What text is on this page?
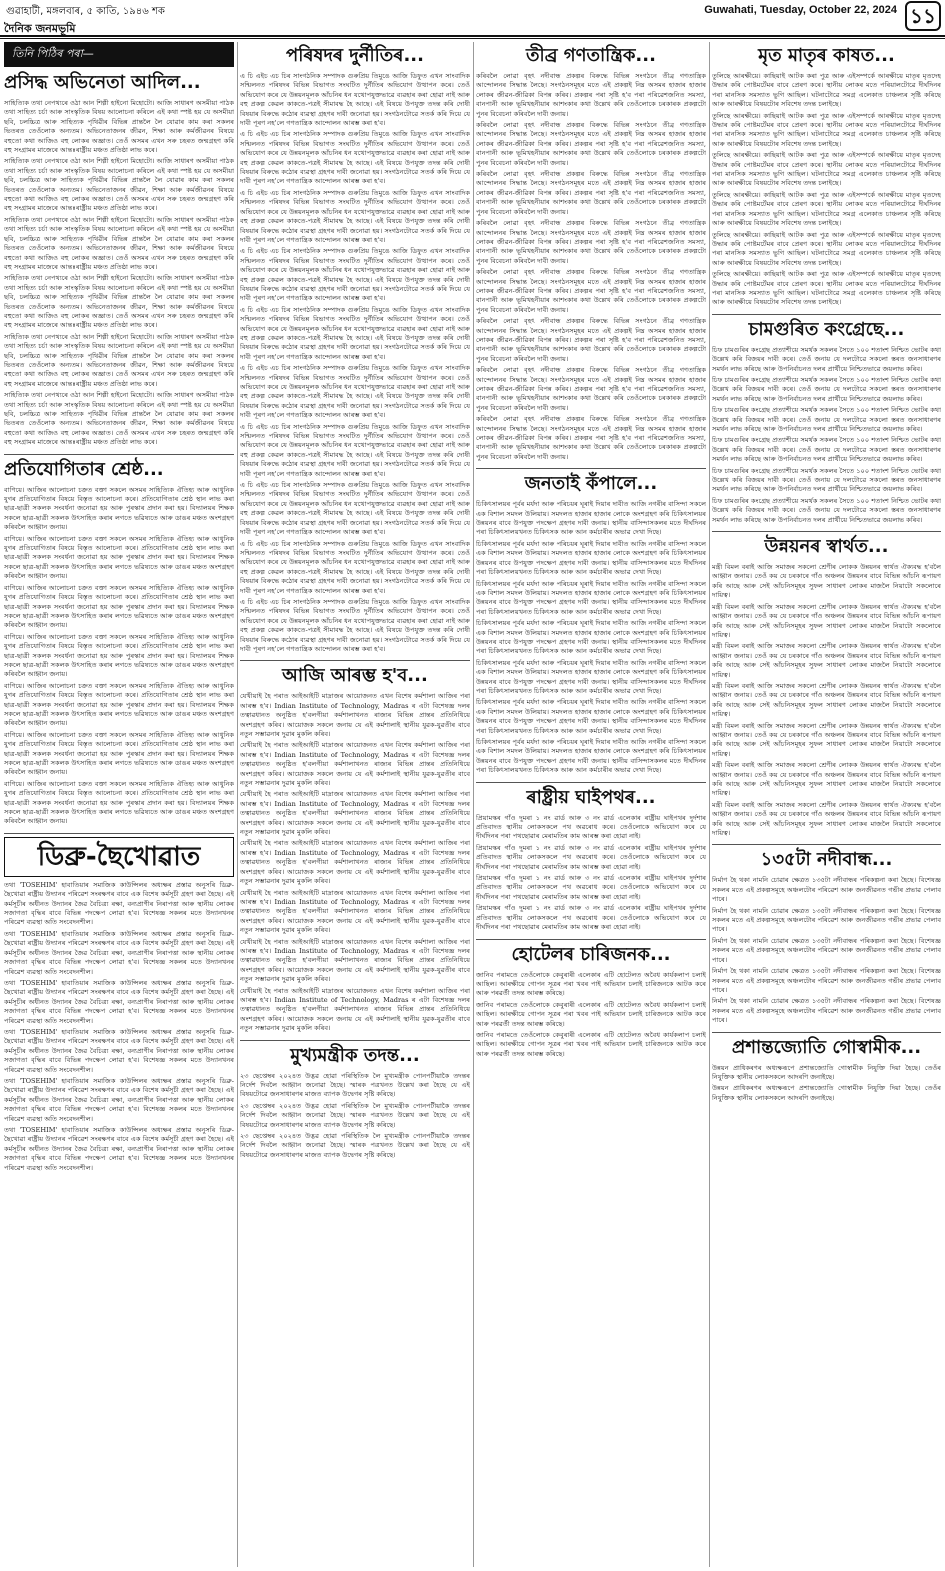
গুৱাহাটী, মঙ্গলবাৰ, ৫ কাতি, ১৯৪৬ শক
দৈনিক জনমভূমি
Guwahati, Tuesday, October 22, 2024 ১১
তিনি পিঠিৰ পৰা—
প্ৰসিদ্ধ অভিনেতা আদিল...

সাহিত্যিক তথা নেপথ্যৰে ওঠা আন শিল্পী হাইনো মিহোটো। আজি সাধাৰণ অসমীয়া পাঠক তথা সাহিত্য চৰ্চা আৰু সাংস্কৃতিক বিষয় আলোচনা কৰিলে এই কথা স্পষ্ট হয় যে অসমীয়া ছবি, চলচ্চিত্ৰ আৰু সাহিত্যক পৃথিৱীৰ বিভিন্ন প্ৰান্তলৈ লৈ যোৱাৰ কাম কৰা সকলৰ ভিতৰত তেওঁলোক অন্যতম। অভিনেতাজনৰ জীৱন, শিক্ষা আৰু কৰ্মজীৱনৰ বিষয়ে বহুতো কথা আজিও বহু লোকৰ অজ্ঞাত। তেওঁ অসমৰ এখন সৰু চহৰত জন্মগ্ৰহণ কৰি বহু সংগ্ৰামৰ মাজেৰে আন্তঃৰাষ্ট্ৰীয় মঞ্চত প্ৰতিষ্ঠা লাভ কৰে।

সাহিত্যিক তথা নেপথ্যৰে ওঠা আন শিল্পী হাইনো মিহোটো। আজি সাধাৰণ অসমীয়া পাঠক তথা সাহিত্য চৰ্চা আৰু সাংস্কৃতিক বিষয় আলোচনা কৰিলে এই কথা স্পষ্ট হয় যে অসমীয়া ছবি, চলচ্চিত্ৰ আৰু সাহিত্যক পৃথিৱীৰ বিভিন্ন প্ৰান্তলৈ লৈ যোৱাৰ কাম কৰা সকলৰ ভিতৰত তেওঁলোক অন্যতম। অভিনেতাজনৰ জীৱন, শিক্ষা আৰু কৰ্মজীৱনৰ বিষয়ে বহুতো কথা আজিও বহু লোকৰ অজ্ঞাত। তেওঁ অসমৰ এখন সৰু চহৰত জন্মগ্ৰহণ কৰি বহু সংগ্ৰামৰ মাজেৰে আন্তঃৰাষ্ট্ৰীয় মঞ্চত প্ৰতিষ্ঠা লাভ কৰে।

সাহিত্যিক তথা নেপথ্যৰে ওঠা আন শিল্পী হাইনো মিহোটো। আজি সাধাৰণ অসমীয়া পাঠক তথা সাহিত্য চৰ্চা আৰু সাংস্কৃতিক বিষয় আলোচনা কৰিলে এই কথা স্পষ্ট হয় যে অসমীয়া ছবি, চলচ্চিত্ৰ আৰু সাহিত্যক পৃথিৱীৰ বিভিন্ন প্ৰান্তলৈ লৈ যোৱাৰ কাম কৰা সকলৰ ভিতৰত তেওঁলোক অন্যতম। অভিনেতাজনৰ জীৱন, শিক্ষা আৰু কৰ্মজীৱনৰ বিষয়ে বহুতো কথা আজিও বহু লোকৰ অজ্ঞাত। তেওঁ অসমৰ এখন সৰু চহৰত জন্মগ্ৰহণ কৰি বহু সংগ্ৰামৰ মাজেৰে আন্তঃৰাষ্ট্ৰীয় মঞ্চত প্ৰতিষ্ঠা লাভ কৰে।

সাহিত্যিক তথা নেপথ্যৰে ওঠা আন শিল্পী হাইনো মিহোটো। আজি সাধাৰণ অসমীয়া পাঠক তথা সাহিত্য চৰ্চা আৰু সাংস্কৃতিক বিষয় আলোচনা কৰিলে এই কথা স্পষ্ট হয় যে অসমীয়া ছবি, চলচ্চিত্ৰ আৰু সাহিত্যক পৃথিৱীৰ বিভিন্ন প্ৰান্তলৈ লৈ যোৱাৰ কাম কৰা সকলৰ ভিতৰত তেওঁলোক অন্যতম। অভিনেতাজনৰ জীৱন, শিক্ষা আৰু কৰ্মজীৱনৰ বিষয়ে বহুতো কথা আজিও বহু লোকৰ অজ্ঞাত। তেওঁ অসমৰ এখন সৰু চহৰত জন্মগ্ৰহণ কৰি বহু সংগ্ৰামৰ মাজেৰে আন্তঃৰাষ্ট্ৰীয় মঞ্চত প্ৰতিষ্ঠা লাভ কৰে।

সাহিত্যিক তথা নেপথ্যৰে ওঠা আন শিল্পী হাইনো মিহোটো। আজি সাধাৰণ অসমীয়া পাঠক তথা সাহিত্য চৰ্চা আৰু সাংস্কৃতিক বিষয় আলোচনা কৰিলে এই কথা স্পষ্ট হয় যে অসমীয়া ছবি, চলচ্চিত্ৰ আৰু সাহিত্যক পৃথিৱীৰ বিভিন্ন প্ৰান্তলৈ লৈ যোৱাৰ কাম কৰা সকলৰ ভিতৰত তেওঁলোক অন্যতম। অভিনেতাজনৰ জীৱন, শিক্ষা আৰু কৰ্মজীৱনৰ বিষয়ে বহুতো কথা আজিও বহু লোকৰ অজ্ঞাত। তেওঁ অসমৰ এখন সৰু চহৰত জন্মগ্ৰহণ কৰি বহু সংগ্ৰামৰ মাজেৰে আন্তঃৰাষ্ট্ৰীয় মঞ্চত প্ৰতিষ্ঠা লাভ কৰে।

সাহিত্যিক তথা নেপথ্যৰে ওঠা আন শিল্পী হাইনো মিহোটো। আজি সাধাৰণ অসমীয়া পাঠক তথা সাহিত্য চৰ্চা আৰু সাংস্কৃতিক বিষয় আলোচনা কৰিলে এই কথা স্পষ্ট হয় যে অসমীয়া ছবি, চলচ্চিত্ৰ আৰু সাহিত্যক পৃথিৱীৰ বিভিন্ন প্ৰান্তলৈ লৈ যোৱাৰ কাম কৰা সকলৰ ভিতৰত তেওঁলোক অন্যতম। অভিনেতাজনৰ জীৱন, শিক্ষা আৰু কৰ্মজীৱনৰ বিষয়ে বহুতো কথা আজিও বহু লোকৰ অজ্ঞাত। তেওঁ অসমৰ এখন সৰু চহৰত জন্মগ্ৰহণ কৰি বহু সংগ্ৰামৰ মাজেৰে আন্তঃৰাষ্ট্ৰীয় মঞ্চত প্ৰতিষ্ঠা লাভ কৰে।

প্ৰতিযোগিতাৰ শ্ৰেষ্ঠ...

বাণিয়ে। আজিৰ আলোচনা চক্ৰত বক্তা সকলে অসমৰ সাহিত্যিক ঐতিহ্য আৰু আধুনিক যুগৰ প্ৰতিযোগিতাৰ বিষয়ে বিস্তৃত আলোচনা কৰে। প্ৰতিযোগিতাৰ শ্ৰেষ্ঠ স্থান লাভ কৰা ছাত্ৰ-ছাত্ৰী সকলক সংবৰ্ধনা জনোৱা হয় আৰু পুৰস্কাৰ প্ৰদান কৰা হয়। বিদ্যালয়ৰ শিক্ষক সকলে ছাত্ৰ-ছাত্ৰী সকলক উৎসাহিত কৰাৰ লগতে ভৱিষ্যতে আৰু ডাঙৰ মঞ্চত অংশগ্ৰহণ কৰিবলৈ আহ্বান জনায়।

বাণিয়ে। আজিৰ আলোচনা চক্ৰত বক্তা সকলে অসমৰ সাহিত্যিক ঐতিহ্য আৰু আধুনিক যুগৰ প্ৰতিযোগিতাৰ বিষয়ে বিস্তৃত আলোচনা কৰে। প্ৰতিযোগিতাৰ শ্ৰেষ্ঠ স্থান লাভ কৰা ছাত্ৰ-ছাত্ৰী সকলক সংবৰ্ধনা জনোৱা হয় আৰু পুৰস্কাৰ প্ৰদান কৰা হয়। বিদ্যালয়ৰ শিক্ষক সকলে ছাত্ৰ-ছাত্ৰী সকলক উৎসাহিত কৰাৰ লগতে ভৱিষ্যতে আৰু ডাঙৰ মঞ্চত অংশগ্ৰহণ কৰিবলৈ আহ্বান জনায়।

বাণিয়ে। আজিৰ আলোচনা চক্ৰত বক্তা সকলে অসমৰ সাহিত্যিক ঐতিহ্য আৰু আধুনিক যুগৰ প্ৰতিযোগিতাৰ বিষয়ে বিস্তৃত আলোচনা কৰে। প্ৰতিযোগিতাৰ শ্ৰেষ্ঠ স্থান লাভ কৰা ছাত্ৰ-ছাত্ৰী সকলক সংবৰ্ধনা জনোৱা হয় আৰু পুৰস্কাৰ প্ৰদান কৰা হয়। বিদ্যালয়ৰ শিক্ষক সকলে ছাত্ৰ-ছাত্ৰী সকলক উৎসাহিত কৰাৰ লগতে ভৱিষ্যতে আৰু ডাঙৰ মঞ্চত অংশগ্ৰহণ কৰিবলৈ আহ্বান জনায়।

বাণিয়ে। আজিৰ আলোচনা চক্ৰত বক্তা সকলে অসমৰ সাহিত্যিক ঐতিহ্য আৰু আধুনিক যুগৰ প্ৰতিযোগিতাৰ বিষয়ে বিস্তৃত আলোচনা কৰে। প্ৰতিযোগিতাৰ শ্ৰেষ্ঠ স্থান লাভ কৰা ছাত্ৰ-ছাত্ৰী সকলক সংবৰ্ধনা জনোৱা হয় আৰু পুৰস্কাৰ প্ৰদান কৰা হয়। বিদ্যালয়ৰ শিক্ষক সকলে ছাত্ৰ-ছাত্ৰী সকলক উৎসাহিত কৰাৰ লগতে ভৱিষ্যতে আৰু ডাঙৰ মঞ্চত অংশগ্ৰহণ কৰিবলৈ আহ্বান জনায়।

বাণিয়ে। আজিৰ আলোচনা চক্ৰত বক্তা সকলে অসমৰ সাহিত্যিক ঐতিহ্য আৰু আধুনিক যুগৰ প্ৰতিযোগিতাৰ বিষয়ে বিস্তৃত আলোচনা কৰে। প্ৰতিযোগিতাৰ শ্ৰেষ্ঠ স্থান লাভ কৰা ছাত্ৰ-ছাত্ৰী সকলক সংবৰ্ধনা জনোৱা হয় আৰু পুৰস্কাৰ প্ৰদান কৰা হয়। বিদ্যালয়ৰ শিক্ষক সকলে ছাত্ৰ-ছাত্ৰী সকলক উৎসাহিত কৰাৰ লগতে ভৱিষ্যতে আৰু ডাঙৰ মঞ্চত অংশগ্ৰহণ কৰিবলৈ আহ্বান জনায়।

বাণিয়ে। আজিৰ আলোচনা চক্ৰত বক্তা সকলে অসমৰ সাহিত্যিক ঐতিহ্য আৰু আধুনিক যুগৰ প্ৰতিযোগিতাৰ বিষয়ে বিস্তৃত আলোচনা কৰে। প্ৰতিযোগিতাৰ শ্ৰেষ্ঠ স্থান লাভ কৰা ছাত্ৰ-ছাত্ৰী সকলক সংবৰ্ধনা জনোৱা হয় আৰু পুৰস্কাৰ প্ৰদান কৰা হয়। বিদ্যালয়ৰ শিক্ষক সকলে ছাত্ৰ-ছাত্ৰী সকলক উৎসাহিত কৰাৰ লগতে ভৱিষ্যতে আৰু ডাঙৰ মঞ্চত অংশগ্ৰহণ কৰিবলৈ আহ্বান জনায়।

বাণিয়ে। আজিৰ আলোচনা চক্ৰত বক্তা সকলে অসমৰ সাহিত্যিক ঐতিহ্য আৰু আধুনিক যুগৰ প্ৰতিযোগিতাৰ বিষয়ে বিস্তৃত আলোচনা কৰে। প্ৰতিযোগিতাৰ শ্ৰেষ্ঠ স্থান লাভ কৰা ছাত্ৰ-ছাত্ৰী সকলক সংবৰ্ধনা জনোৱা হয় আৰু পুৰস্কাৰ প্ৰদান কৰা হয়। বিদ্যালয়ৰ শিক্ষক সকলে ছাত্ৰ-ছাত্ৰী সকলক উৎসাহিত কৰাৰ লগতে ভৱিষ্যতে আৰু ডাঙৰ মঞ্চত অংশগ্ৰহণ কৰিবলৈ আহ্বান জনায়।

ডিব্ৰু-ছৈখোৱাত

তথা 'TOSEHIM' হাবাতিয়াৰ সমাজিক কাউন্সিলৰ অধ্যক্ষৰ প্ৰস্তাৱ অনুসৰি ডিব্ৰু-ছৈখোৱা ৰাষ্ট্ৰীয় উদ্যানৰ পৰিৱেশ সংৰক্ষণৰ বাবে এক বিশেষ কৰ্মসূচী গ্ৰহণ কৰা হৈছে। এই কৰ্মসূচীৰ অধীনত উদ্যানৰ জৈৱ বৈচিত্ৰ্য ৰক্ষা, বন্যপ্ৰাণীৰ নিৰাপত্তা আৰু স্থানীয় লোকৰ সজাগতা বৃদ্ধিৰ বাবে বিভিন্ন পদক্ষেপ লোৱা হ'ব। বিশেষজ্ঞ সকলৰ মতে উদ্যানখনৰ পৰিৱেশ ব্যৱস্থা অতি সংবেদনশীল।

তথা 'TOSEHIM' হাবাতিয়াৰ সমাজিক কাউন্সিলৰ অধ্যক্ষৰ প্ৰস্তাৱ অনুসৰি ডিব্ৰু-ছৈখোৱা ৰাষ্ট্ৰীয় উদ্যানৰ পৰিৱেশ সংৰক্ষণৰ বাবে এক বিশেষ কৰ্মসূচী গ্ৰহণ কৰা হৈছে। এই কৰ্মসূচীৰ অধীনত উদ্যানৰ জৈৱ বৈচিত্ৰ্য ৰক্ষা, বন্যপ্ৰাণীৰ নিৰাপত্তা আৰু স্থানীয় লোকৰ সজাগতা বৃদ্ধিৰ বাবে বিভিন্ন পদক্ষেপ লোৱা হ'ব। বিশেষজ্ঞ সকলৰ মতে উদ্যানখনৰ পৰিৱেশ ব্যৱস্থা অতি সংবেদনশীল।

তথা 'TOSEHIM' হাবাতিয়াৰ সমাজিক কাউন্সিলৰ অধ্যক্ষৰ প্ৰস্তাৱ অনুসৰি ডিব্ৰু-ছৈখোৱা ৰাষ্ট্ৰীয় উদ্যানৰ পৰিৱেশ সংৰক্ষণৰ বাবে এক বিশেষ কৰ্মসূচী গ্ৰহণ কৰা হৈছে। এই কৰ্মসূচীৰ অধীনত উদ্যানৰ জৈৱ বৈচিত্ৰ্য ৰক্ষা, বন্যপ্ৰাণীৰ নিৰাপত্তা আৰু স্থানীয় লোকৰ সজাগতা বৃদ্ধিৰ বাবে বিভিন্ন পদক্ষেপ লোৱা হ'ব। বিশেষজ্ঞ সকলৰ মতে উদ্যানখনৰ পৰিৱেশ ব্যৱস্থা অতি সংবেদনশীল।

তথা 'TOSEHIM' হাবাতিয়াৰ সমাজিক কাউন্সিলৰ অধ্যক্ষৰ প্ৰস্তাৱ অনুসৰি ডিব্ৰু-ছৈখোৱা ৰাষ্ট্ৰীয় উদ্যানৰ পৰিৱেশ সংৰক্ষণৰ বাবে এক বিশেষ কৰ্মসূচী গ্ৰহণ কৰা হৈছে। এই কৰ্মসূচীৰ অধীনত উদ্যানৰ জৈৱ বৈচিত্ৰ্য ৰক্ষা, বন্যপ্ৰাণীৰ নিৰাপত্তা আৰু স্থানীয় লোকৰ সজাগতা বৃদ্ধিৰ বাবে বিভিন্ন পদক্ষেপ লোৱা হ'ব। বিশেষজ্ঞ সকলৰ মতে উদ্যানখনৰ পৰিৱেশ ব্যৱস্থা অতি সংবেদনশীল।

তথা 'TOSEHIM' হাবাতিয়াৰ সমাজিক কাউন্সিলৰ অধ্যক্ষৰ প্ৰস্তাৱ অনুসৰি ডিব্ৰু-ছৈখোৱা ৰাষ্ট্ৰীয় উদ্যানৰ পৰিৱেশ সংৰক্ষণৰ বাবে এক বিশেষ কৰ্মসূচী গ্ৰহণ কৰা হৈছে। এই কৰ্মসূচীৰ অধীনত উদ্যানৰ জৈৱ বৈচিত্ৰ্য ৰক্ষা, বন্যপ্ৰাণীৰ নিৰাপত্তা আৰু স্থানীয় লোকৰ সজাগতা বৃদ্ধিৰ বাবে বিভিন্ন পদক্ষেপ লোৱা হ'ব। বিশেষজ্ঞ সকলৰ মতে উদ্যানখনৰ পৰিৱেশ ব্যৱস্থা অতি সংবেদনশীল।

তথা 'TOSEHIM' হাবাতিয়াৰ সমাজিক কাউন্সিলৰ অধ্যক্ষৰ প্ৰস্তাৱ অনুসৰি ডিব্ৰু-ছৈখোৱা ৰাষ্ট্ৰীয় উদ্যানৰ পৰিৱেশ সংৰক্ষণৰ বাবে এক বিশেষ কৰ্মসূচী গ্ৰহণ কৰা হৈছে। এই কৰ্মসূচীৰ অধীনত উদ্যানৰ জৈৱ বৈচিত্ৰ্য ৰক্ষা, বন্যপ্ৰাণীৰ নিৰাপত্তা আৰু স্থানীয় লোকৰ সজাগতা বৃদ্ধিৰ বাবে বিভিন্ন পদক্ষেপ লোৱা হ'ব। বিশেষজ্ঞ সকলৰ মতে উদ্যানখনৰ পৰিৱেশ ব্যৱস্থা অতি সংবেদনশীল।

পৰিষদৰ দুৰ্নীতিৰ...

এ চি এইচ এচ চিৰ সাংগঠনিক সম্পাদক গুৰুপ্ৰিয় তিমুঙে আজি ডিফুত এখন সাংবাদিক সন্মিলনত পৰিষদৰ বিভিন্ন বিভাগত সংঘটিত দুৰ্নীতিৰ অভিযোগ উত্থাপন কৰে। তেওঁ অভিযোগ কৰে যে উন্নয়নমূলক আঁচনিৰ ধন যথোপযুক্তভাৱে ব্যৱহাৰ কৰা হোৱা নাই আৰু বহু প্ৰকল্প কেৱল কাকতে-পত্ৰই সীমাবদ্ধ হৈ আছে। এই বিষয়ে উপযুক্ত তদন্ত কৰি দোষী বিষয়াৰ বিৰুদ্ধে কঠোৰ ব্যৱস্থা গ্ৰহণৰ দাবী জনোৱা হয়। সংগঠনটোৱে সতৰ্ক কৰি দিয়ে যে দাবী পূৰণ নহ'লে গণতান্ত্ৰিক আন্দোলন আৰম্ভ কৰা হ'ব।

এ চি এইচ এচ চিৰ সাংগঠনিক সম্পাদক গুৰুপ্ৰিয় তিমুঙে আজি ডিফুত এখন সাংবাদিক সন্মিলনত পৰিষদৰ বিভিন্ন বিভাগত সংঘটিত দুৰ্নীতিৰ অভিযোগ উত্থাপন কৰে। তেওঁ অভিযোগ কৰে যে উন্নয়নমূলক আঁচনিৰ ধন যথোপযুক্তভাৱে ব্যৱহাৰ কৰা হোৱা নাই আৰু বহু প্ৰকল্প কেৱল কাকতে-পত্ৰই সীমাবদ্ধ হৈ আছে। এই বিষয়ে উপযুক্ত তদন্ত কৰি দোষী বিষয়াৰ বিৰুদ্ধে কঠোৰ ব্যৱস্থা গ্ৰহণৰ দাবী জনোৱা হয়। সংগঠনটোৱে সতৰ্ক কৰি দিয়ে যে দাবী পূৰণ নহ'লে গণতান্ত্ৰিক আন্দোলন আৰম্ভ কৰা হ'ব।

এ চি এইচ এচ চিৰ সাংগঠনিক সম্পাদক গুৰুপ্ৰিয় তিমুঙে আজি ডিফুত এখন সাংবাদিক সন্মিলনত পৰিষদৰ বিভিন্ন বিভাগত সংঘটিত দুৰ্নীতিৰ অভিযোগ উত্থাপন কৰে। তেওঁ অভিযোগ কৰে যে উন্নয়নমূলক আঁচনিৰ ধন যথোপযুক্তভাৱে ব্যৱহাৰ কৰা হোৱা নাই আৰু বহু প্ৰকল্প কেৱল কাকতে-পত্ৰই সীমাবদ্ধ হৈ আছে। এই বিষয়ে উপযুক্ত তদন্ত কৰি দোষী বিষয়াৰ বিৰুদ্ধে কঠোৰ ব্যৱস্থা গ্ৰহণৰ দাবী জনোৱা হয়। সংগঠনটোৱে সতৰ্ক কৰি দিয়ে যে দাবী পূৰণ নহ'লে গণতান্ত্ৰিক আন্দোলন আৰম্ভ কৰা হ'ব।

এ চি এইচ এচ চিৰ সাংগঠনিক সম্পাদক গুৰুপ্ৰিয় তিমুঙে আজি ডিফুত এখন সাংবাদিক সন্মিলনত পৰিষদৰ বিভিন্ন বিভাগত সংঘটিত দুৰ্নীতিৰ অভিযোগ উত্থাপন কৰে। তেওঁ অভিযোগ কৰে যে উন্নয়নমূলক আঁচনিৰ ধন যথোপযুক্তভাৱে ব্যৱহাৰ কৰা হোৱা নাই আৰু বহু প্ৰকল্প কেৱল কাকতে-পত্ৰই সীমাবদ্ধ হৈ আছে। এই বিষয়ে উপযুক্ত তদন্ত কৰি দোষী বিষয়াৰ বিৰুদ্ধে কঠোৰ ব্যৱস্থা গ্ৰহণৰ দাবী জনোৱা হয়। সংগঠনটোৱে সতৰ্ক কৰি দিয়ে যে দাবী পূৰণ নহ'লে গণতান্ত্ৰিক আন্দোলন আৰম্ভ কৰা হ'ব।

এ চি এইচ এচ চিৰ সাংগঠনিক সম্পাদক গুৰুপ্ৰিয় তিমুঙে আজি ডিফুত এখন সাংবাদিক সন্মিলনত পৰিষদৰ বিভিন্ন বিভাগত সংঘটিত দুৰ্নীতিৰ অভিযোগ উত্থাপন কৰে। তেওঁ অভিযোগ কৰে যে উন্নয়নমূলক আঁচনিৰ ধন যথোপযুক্তভাৱে ব্যৱহাৰ কৰা হোৱা নাই আৰু বহু প্ৰকল্প কেৱল কাকতে-পত্ৰই সীমাবদ্ধ হৈ আছে। এই বিষয়ে উপযুক্ত তদন্ত কৰি দোষী বিষয়াৰ বিৰুদ্ধে কঠোৰ ব্যৱস্থা গ্ৰহণৰ দাবী জনোৱা হয়। সংগঠনটোৱে সতৰ্ক কৰি দিয়ে যে দাবী পূৰণ নহ'লে গণতান্ত্ৰিক আন্দোলন আৰম্ভ কৰা হ'ব।

এ চি এইচ এচ চিৰ সাংগঠনিক সম্পাদক গুৰুপ্ৰিয় তিমুঙে আজি ডিফুত এখন সাংবাদিক সন্মিলনত পৰিষদৰ বিভিন্ন বিভাগত সংঘটিত দুৰ্নীতিৰ অভিযোগ উত্থাপন কৰে। তেওঁ অভিযোগ কৰে যে উন্নয়নমূলক আঁচনিৰ ধন যথোপযুক্তভাৱে ব্যৱহাৰ কৰা হোৱা নাই আৰু বহু প্ৰকল্প কেৱল কাকতে-পত্ৰই সীমাবদ্ধ হৈ আছে। এই বিষয়ে উপযুক্ত তদন্ত কৰি দোষী বিষয়াৰ বিৰুদ্ধে কঠোৰ ব্যৱস্থা গ্ৰহণৰ দাবী জনোৱা হয়। সংগঠনটোৱে সতৰ্ক কৰি দিয়ে যে দাবী পূৰণ নহ'লে গণতান্ত্ৰিক আন্দোলন আৰম্ভ কৰা হ'ব।

এ চি এইচ এচ চিৰ সাংগঠনিক সম্পাদক গুৰুপ্ৰিয় তিমুঙে আজি ডিফুত এখন সাংবাদিক সন্মিলনত পৰিষদৰ বিভিন্ন বিভাগত সংঘটিত দুৰ্নীতিৰ অভিযোগ উত্থাপন কৰে। তেওঁ অভিযোগ কৰে যে উন্নয়নমূলক আঁচনিৰ ধন যথোপযুক্তভাৱে ব্যৱহাৰ কৰা হোৱা নাই আৰু বহু প্ৰকল্প কেৱল কাকতে-পত্ৰই সীমাবদ্ধ হৈ আছে। এই বিষয়ে উপযুক্ত তদন্ত কৰি দোষী বিষয়াৰ বিৰুদ্ধে কঠোৰ ব্যৱস্থা গ্ৰহণৰ দাবী জনোৱা হয়। সংগঠনটোৱে সতৰ্ক কৰি দিয়ে যে দাবী পূৰণ নহ'লে গণতান্ত্ৰিক আন্দোলন আৰম্ভ কৰা হ'ব।

এ চি এইচ এচ চিৰ সাংগঠনিক সম্পাদক গুৰুপ্ৰিয় তিমুঙে আজি ডিফুত এখন সাংবাদিক সন্মিলনত পৰিষদৰ বিভিন্ন বিভাগত সংঘটিত দুৰ্নীতিৰ অভিযোগ উত্থাপন কৰে। তেওঁ অভিযোগ কৰে যে উন্নয়নমূলক আঁচনিৰ ধন যথোপযুক্তভাৱে ব্যৱহাৰ কৰা হোৱা নাই আৰু বহু প্ৰকল্প কেৱল কাকতে-পত্ৰই সীমাবদ্ধ হৈ আছে। এই বিষয়ে উপযুক্ত তদন্ত কৰি দোষী বিষয়াৰ বিৰুদ্ধে কঠোৰ ব্যৱস্থা গ্ৰহণৰ দাবী জনোৱা হয়। সংগঠনটোৱে সতৰ্ক কৰি দিয়ে যে দাবী পূৰণ নহ'লে গণতান্ত্ৰিক আন্দোলন আৰম্ভ কৰা হ'ব।

এ চি এইচ এচ চিৰ সাংগঠনিক সম্পাদক গুৰুপ্ৰিয় তিমুঙে আজি ডিফুত এখন সাংবাদিক সন্মিলনত পৰিষদৰ বিভিন্ন বিভাগত সংঘটিত দুৰ্নীতিৰ অভিযোগ উত্থাপন কৰে। তেওঁ অভিযোগ কৰে যে উন্নয়নমূলক আঁচনিৰ ধন যথোপযুক্তভাৱে ব্যৱহাৰ কৰা হোৱা নাই আৰু বহু প্ৰকল্প কেৱল কাকতে-পত্ৰই সীমাবদ্ধ হৈ আছে। এই বিষয়ে উপযুক্ত তদন্ত কৰি দোষী বিষয়াৰ বিৰুদ্ধে কঠোৰ ব্যৱস্থা গ্ৰহণৰ দাবী জনোৱা হয়। সংগঠনটোৱে সতৰ্ক কৰি দিয়ে যে দাবী পূৰণ নহ'লে গণতান্ত্ৰিক আন্দোলন আৰম্ভ কৰা হ'ব।

এ চি এইচ এচ চিৰ সাংগঠনিক সম্পাদক গুৰুপ্ৰিয় তিমুঙে আজি ডিফুত এখন সাংবাদিক সন্মিলনত পৰিষদৰ বিভিন্ন বিভাগত সংঘটিত দুৰ্নীতিৰ অভিযোগ উত্থাপন কৰে। তেওঁ অভিযোগ কৰে যে উন্নয়নমূলক আঁচনিৰ ধন যথোপযুক্তভাৱে ব্যৱহাৰ কৰা হোৱা নাই আৰু বহু প্ৰকল্প কেৱল কাকতে-পত্ৰই সীমাবদ্ধ হৈ আছে। এই বিষয়ে উপযুক্ত তদন্ত কৰি দোষী বিষয়াৰ বিৰুদ্ধে কঠোৰ ব্যৱস্থা গ্ৰহণৰ দাবী জনোৱা হয়। সংগঠনটোৱে সতৰ্ক কৰি দিয়ে যে দাবী পূৰণ নহ'লে গণতান্ত্ৰিক আন্দোলন আৰম্ভ কৰা হ'ব।

আজি আৰম্ভ হ'ব...

যেখীয়াই হৈ পৰাত আইআইটি মাদ্ৰাজৰ আয়োজনত এখন বিশেষ কৰ্মশালা আজিৰ পৰা আৰম্ভ হ'ব। Indian Institute of Technology, Madras ৰ এটা বিশেষজ্ঞ দলৰ তত্বাৱধানত অনুষ্ঠিত হ'বলগীয়া কৰ্মশালাখনত ৰাজ্যৰ বিভিন্ন প্ৰান্তৰ প্ৰতিনিধিয়ে অংশগ্ৰহণ কৰিব। আয়োজক সকলে জনায় যে এই কৰ্মশালাই স্থানীয় যুৱক-যুৱতীৰ বাবে নতুন সম্ভাৱনাৰ দুৱাৰ মুকলি কৰিব।

যেখীয়াই হৈ পৰাত আইআইটি মাদ্ৰাজৰ আয়োজনত এখন বিশেষ কৰ্মশালা আজিৰ পৰা আৰম্ভ হ'ব। Indian Institute of Technology, Madras ৰ এটা বিশেষজ্ঞ দলৰ তত্বাৱধানত অনুষ্ঠিত হ'বলগীয়া কৰ্মশালাখনত ৰাজ্যৰ বিভিন্ন প্ৰান্তৰ প্ৰতিনিধিয়ে অংশগ্ৰহণ কৰিব। আয়োজক সকলে জনায় যে এই কৰ্মশালাই স্থানীয় যুৱক-যুৱতীৰ বাবে নতুন সম্ভাৱনাৰ দুৱাৰ মুকলি কৰিব।

যেখীয়াই হৈ পৰাত আইআইটি মাদ্ৰাজৰ আয়োজনত এখন বিশেষ কৰ্মশালা আজিৰ পৰা আৰম্ভ হ'ব। Indian Institute of Technology, Madras ৰ এটা বিশেষজ্ঞ দলৰ তত্বাৱধানত অনুষ্ঠিত হ'বলগীয়া কৰ্মশালাখনত ৰাজ্যৰ বিভিন্ন প্ৰান্তৰ প্ৰতিনিধিয়ে অংশগ্ৰহণ কৰিব। আয়োজক সকলে জনায় যে এই কৰ্মশালাই স্থানীয় যুৱক-যুৱতীৰ বাবে নতুন সম্ভাৱনাৰ দুৱাৰ মুকলি কৰিব।

যেখীয়াই হৈ পৰাত আইআইটি মাদ্ৰাজৰ আয়োজনত এখন বিশেষ কৰ্মশালা আজিৰ পৰা আৰম্ভ হ'ব। Indian Institute of Technology, Madras ৰ এটা বিশেষজ্ঞ দলৰ তত্বাৱধানত অনুষ্ঠিত হ'বলগীয়া কৰ্মশালাখনত ৰাজ্যৰ বিভিন্ন প্ৰান্তৰ প্ৰতিনিধিয়ে অংশগ্ৰহণ কৰিব। আয়োজক সকলে জনায় যে এই কৰ্মশালাই স্থানীয় যুৱক-যুৱতীৰ বাবে নতুন সম্ভাৱনাৰ দুৱাৰ মুকলি কৰিব।

যেখীয়াই হৈ পৰাত আইআইটি মাদ্ৰাজৰ আয়োজনত এখন বিশেষ কৰ্মশালা আজিৰ পৰা আৰম্ভ হ'ব। Indian Institute of Technology, Madras ৰ এটা বিশেষজ্ঞ দলৰ তত্বাৱধানত অনুষ্ঠিত হ'বলগীয়া কৰ্মশালাখনত ৰাজ্যৰ বিভিন্ন প্ৰান্তৰ প্ৰতিনিধিয়ে অংশগ্ৰহণ কৰিব। আয়োজক সকলে জনায় যে এই কৰ্মশালাই স্থানীয় যুৱক-যুৱতীৰ বাবে নতুন সম্ভাৱনাৰ দুৱাৰ মুকলি কৰিব।

যেখীয়াই হৈ পৰাত আইআইটি মাদ্ৰাজৰ আয়োজনত এখন বিশেষ কৰ্মশালা আজিৰ পৰা আৰম্ভ হ'ব। Indian Institute of Technology, Madras ৰ এটা বিশেষজ্ঞ দলৰ তত্বাৱধানত অনুষ্ঠিত হ'বলগীয়া কৰ্মশালাখনত ৰাজ্যৰ বিভিন্ন প্ৰান্তৰ প্ৰতিনিধিয়ে অংশগ্ৰহণ কৰিব। আয়োজক সকলে জনায় যে এই কৰ্মশালাই স্থানীয় যুৱক-যুৱতীৰ বাবে নতুন সম্ভাৱনাৰ দুৱাৰ মুকলি কৰিব।

যেখীয়াই হৈ পৰাত আইআইটি মাদ্ৰাজৰ আয়োজনত এখন বিশেষ কৰ্মশালা আজিৰ পৰা আৰম্ভ হ'ব। Indian Institute of Technology, Madras ৰ এটা বিশেষজ্ঞ দলৰ তত্বাৱধানত অনুষ্ঠিত হ'বলগীয়া কৰ্মশালাখনত ৰাজ্যৰ বিভিন্ন প্ৰান্তৰ প্ৰতিনিধিয়ে অংশগ্ৰহণ কৰিব। আয়োজক সকলে জনায় যে এই কৰ্মশালাই স্থানীয় যুৱক-যুৱতীৰ বাবে নতুন সম্ভাৱনাৰ দুৱাৰ মুকলি কৰিব।

মুখ্যমন্ত্ৰীক তদন্ত...

২৩ ছেপ্তেম্বৰ ২০২৪ত উদ্ভৱ হোৱা পৰিস্থিতিক লৈ মুখ্যমন্ত্ৰীক পোনপটীয়াকৈ তদন্তৰ নিৰ্দেশ দিবলৈ আহ্বান জনোৱা হৈছে। স্মাৰক পত্ৰখনত উল্লেখ কৰা হৈছে যে এই বিষয়টোৱে জনসাধাৰণৰ মাজত ব্যাপক উদ্বেগৰ সৃষ্টি কৰিছে।

২৩ ছেপ্তেম্বৰ ২০২৪ত উদ্ভৱ হোৱা পৰিস্থিতিক লৈ মুখ্যমন্ত্ৰীক পোনপটীয়াকৈ তদন্তৰ নিৰ্দেশ দিবলৈ আহ্বান জনোৱা হৈছে। স্মাৰক পত্ৰখনত উল্লেখ কৰা হৈছে যে এই বিষয়টোৱে জনসাধাৰণৰ মাজত ব্যাপক উদ্বেগৰ সৃষ্টি কৰিছে।

২৩ ছেপ্তেম্বৰ ২০২৪ত উদ্ভৱ হোৱা পৰিস্থিতিক লৈ মুখ্যমন্ত্ৰীক পোনপটীয়াকৈ তদন্তৰ নিৰ্দেশ দিবলৈ আহ্বান জনোৱা হৈছে। স্মাৰক পত্ৰখনত উল্লেখ কৰা হৈছে যে এই বিষয়টোৱে জনসাধাৰণৰ মাজত ব্যাপক উদ্বেগৰ সৃষ্টি কৰিছে।

তীব্ৰ গণতান্ত্ৰিক...

কৰিবলৈ লোৱা বৃহৎ নদীবান্ধ প্ৰকল্পৰ বিৰুদ্ধে বিভিন্ন সংগঠনে তীব্ৰ গণতান্ত্ৰিক আন্দোলনৰ সিদ্ধান্ত লৈছে। সংগঠনসমূহৰ মতে এই প্ৰকল্পই নিম্ন অসমৰ হাজাৰ হাজাৰ লোকৰ জীৱন-জীৱিকা বিপন্ন কৰিব। প্ৰকল্পৰ পৰা সৃষ্টি হ'ব পৰা পৰিৱেশজনিত সমস্যা, বানপানী আৰু ভূমিখহনীয়াৰ আশংকাৰ কথা উল্লেখ কৰি তেওঁলোকে চৰকাৰক প্ৰকল্পটো পুনৰ বিবেচনা কৰিবলৈ দাবী জনায়।

কৰিবলৈ লোৱা বৃহৎ নদীবান্ধ প্ৰকল্পৰ বিৰুদ্ধে বিভিন্ন সংগঠনে তীব্ৰ গণতান্ত্ৰিক আন্দোলনৰ সিদ্ধান্ত লৈছে। সংগঠনসমূহৰ মতে এই প্ৰকল্পই নিম্ন অসমৰ হাজাৰ হাজাৰ লোকৰ জীৱন-জীৱিকা বিপন্ন কৰিব। প্ৰকল্পৰ পৰা সৃষ্টি হ'ব পৰা পৰিৱেশজনিত সমস্যা, বানপানী আৰু ভূমিখহনীয়াৰ আশংকাৰ কথা উল্লেখ কৰি তেওঁলোকে চৰকাৰক প্ৰকল্পটো পুনৰ বিবেচনা কৰিবলৈ দাবী জনায়।

কৰিবলৈ লোৱা বৃহৎ নদীবান্ধ প্ৰকল্পৰ বিৰুদ্ধে বিভিন্ন সংগঠনে তীব্ৰ গণতান্ত্ৰিক আন্দোলনৰ সিদ্ধান্ত লৈছে। সংগঠনসমূহৰ মতে এই প্ৰকল্পই নিম্ন অসমৰ হাজাৰ হাজাৰ লোকৰ জীৱন-জীৱিকা বিপন্ন কৰিব। প্ৰকল্পৰ পৰা সৃষ্টি হ'ব পৰা পৰিৱেশজনিত সমস্যা, বানপানী আৰু ভূমিখহনীয়াৰ আশংকাৰ কথা উল্লেখ কৰি তেওঁলোকে চৰকাৰক প্ৰকল্পটো পুনৰ বিবেচনা কৰিবলৈ দাবী জনায়।

কৰিবলৈ লোৱা বৃহৎ নদীবান্ধ প্ৰকল্পৰ বিৰুদ্ধে বিভিন্ন সংগঠনে তীব্ৰ গণতান্ত্ৰিক আন্দোলনৰ সিদ্ধান্ত লৈছে। সংগঠনসমূহৰ মতে এই প্ৰকল্পই নিম্ন অসমৰ হাজাৰ হাজাৰ লোকৰ জীৱন-জীৱিকা বিপন্ন কৰিব। প্ৰকল্পৰ পৰা সৃষ্টি হ'ব পৰা পৰিৱেশজনিত সমস্যা, বানপানী আৰু ভূমিখহনীয়াৰ আশংকাৰ কথা উল্লেখ কৰি তেওঁলোকে চৰকাৰক প্ৰকল্পটো পুনৰ বিবেচনা কৰিবলৈ দাবী জনায়।

কৰিবলৈ লোৱা বৃহৎ নদীবান্ধ প্ৰকল্পৰ বিৰুদ্ধে বিভিন্ন সংগঠনে তীব্ৰ গণতান্ত্ৰিক আন্দোলনৰ সিদ্ধান্ত লৈছে। সংগঠনসমূহৰ মতে এই প্ৰকল্পই নিম্ন অসমৰ হাজাৰ হাজাৰ লোকৰ জীৱন-জীৱিকা বিপন্ন কৰিব। প্ৰকল্পৰ পৰা সৃষ্টি হ'ব পৰা পৰিৱেশজনিত সমস্যা, বানপানী আৰু ভূমিখহনীয়াৰ আশংকাৰ কথা উল্লেখ কৰি তেওঁলোকে চৰকাৰক প্ৰকল্পটো পুনৰ বিবেচনা কৰিবলৈ দাবী জনায়।

কৰিবলৈ লোৱা বৃহৎ নদীবান্ধ প্ৰকল্পৰ বিৰুদ্ধে বিভিন্ন সংগঠনে তীব্ৰ গণতান্ত্ৰিক আন্দোলনৰ সিদ্ধান্ত লৈছে। সংগঠনসমূহৰ মতে এই প্ৰকল্পই নিম্ন অসমৰ হাজাৰ হাজাৰ লোকৰ জীৱন-জীৱিকা বিপন্ন কৰিব। প্ৰকল্পৰ পৰা সৃষ্টি হ'ব পৰা পৰিৱেশজনিত সমস্যা, বানপানী আৰু ভূমিখহনীয়াৰ আশংকাৰ কথা উল্লেখ কৰি তেওঁলোকে চৰকাৰক প্ৰকল্পটো পুনৰ বিবেচনা কৰিবলৈ দাবী জনায়।

কৰিবলৈ লোৱা বৃহৎ নদীবান্ধ প্ৰকল্পৰ বিৰুদ্ধে বিভিন্ন সংগঠনে তীব্ৰ গণতান্ত্ৰিক আন্দোলনৰ সিদ্ধান্ত লৈছে। সংগঠনসমূহৰ মতে এই প্ৰকল্পই নিম্ন অসমৰ হাজাৰ হাজাৰ লোকৰ জীৱন-জীৱিকা বিপন্ন কৰিব। প্ৰকল্পৰ পৰা সৃষ্টি হ'ব পৰা পৰিৱেশজনিত সমস্যা, বানপানী আৰু ভূমিখহনীয়াৰ আশংকাৰ কথা উল্লেখ কৰি তেওঁলোকে চৰকাৰক প্ৰকল্পটো পুনৰ বিবেচনা কৰিবলৈ দাবী জনায়।

কৰিবলৈ লোৱা বৃহৎ নদীবান্ধ প্ৰকল্পৰ বিৰুদ্ধে বিভিন্ন সংগঠনে তীব্ৰ গণতান্ত্ৰিক আন্দোলনৰ সিদ্ধান্ত লৈছে। সংগঠনসমূহৰ মতে এই প্ৰকল্পই নিম্ন অসমৰ হাজাৰ হাজাৰ লোকৰ জীৱন-জীৱিকা বিপন্ন কৰিব। প্ৰকল্পৰ পৰা সৃষ্টি হ'ব পৰা পৰিৱেশজনিত সমস্যা, বানপানী আৰু ভূমিখহনীয়াৰ আশংকাৰ কথা উল্লেখ কৰি তেওঁলোকে চৰকাৰক প্ৰকল্পটো পুনৰ বিবেচনা কৰিবলৈ দাবী জনায়।

জনতাই কঁপালে...

চিকিৎসালয়ৰ পূৰ্বৰ মৰ্যদা আৰু পৰিচয়ৰ ঘূৰাই দিয়াৰ দাবীত আজি নগৰীৰ বাসিন্দা সকলে এক বিশাল সমদল উলিয়ায়। সমদলত হাজাৰ হাজাৰ লোকে অংশগ্ৰহণ কৰি চিকিৎসালয়ৰ উন্নয়নৰ বাবে উপযুক্ত পদক্ষেপ গ্ৰহণৰ দাবী জনায়। স্থানীয় বাসিন্দাসকলৰ মতে দীৰ্ঘদিনৰ পৰা চিকিৎসালয়খনত চিকিৎসক আৰু আন কৰ্মচাৰীৰ অভাৱ দেখা দিছে।

চিকিৎসালয়ৰ পূৰ্বৰ মৰ্যদা আৰু পৰিচয়ৰ ঘূৰাই দিয়াৰ দাবীত আজি নগৰীৰ বাসিন্দা সকলে এক বিশাল সমদল উলিয়ায়। সমদলত হাজাৰ হাজাৰ লোকে অংশগ্ৰহণ কৰি চিকিৎসালয়ৰ উন্নয়নৰ বাবে উপযুক্ত পদক্ষেপ গ্ৰহণৰ দাবী জনায়। স্থানীয় বাসিন্দাসকলৰ মতে দীৰ্ঘদিনৰ পৰা চিকিৎসালয়খনত চিকিৎসক আৰু আন কৰ্মচাৰীৰ অভাৱ দেখা দিছে।

চিকিৎসালয়ৰ পূৰ্বৰ মৰ্যদা আৰু পৰিচয়ৰ ঘূৰাই দিয়াৰ দাবীত আজি নগৰীৰ বাসিন্দা সকলে এক বিশাল সমদল উলিয়ায়। সমদলত হাজাৰ হাজাৰ লোকে অংশগ্ৰহণ কৰি চিকিৎসালয়ৰ উন্নয়নৰ বাবে উপযুক্ত পদক্ষেপ গ্ৰহণৰ দাবী জনায়। স্থানীয় বাসিন্দাসকলৰ মতে দীৰ্ঘদিনৰ পৰা চিকিৎসালয়খনত চিকিৎসক আৰু আন কৰ্মচাৰীৰ অভাৱ দেখা দিছে।

চিকিৎসালয়ৰ পূৰ্বৰ মৰ্যদা আৰু পৰিচয়ৰ ঘূৰাই দিয়াৰ দাবীত আজি নগৰীৰ বাসিন্দা সকলে এক বিশাল সমদল উলিয়ায়। সমদলত হাজাৰ হাজাৰ লোকে অংশগ্ৰহণ কৰি চিকিৎসালয়ৰ উন্নয়নৰ বাবে উপযুক্ত পদক্ষেপ গ্ৰহণৰ দাবী জনায়। স্থানীয় বাসিন্দাসকলৰ মতে দীৰ্ঘদিনৰ পৰা চিকিৎসালয়খনত চিকিৎসক আৰু আন কৰ্মচাৰীৰ অভাৱ দেখা দিছে।

চিকিৎসালয়ৰ পূৰ্বৰ মৰ্যদা আৰু পৰিচয়ৰ ঘূৰাই দিয়াৰ দাবীত আজি নগৰীৰ বাসিন্দা সকলে এক বিশাল সমদল উলিয়ায়। সমদলত হাজাৰ হাজাৰ লোকে অংশগ্ৰহণ কৰি চিকিৎসালয়ৰ উন্নয়নৰ বাবে উপযুক্ত পদক্ষেপ গ্ৰহণৰ দাবী জনায়। স্থানীয় বাসিন্দাসকলৰ মতে দীৰ্ঘদিনৰ পৰা চিকিৎসালয়খনত চিকিৎসক আৰু আন কৰ্মচাৰীৰ অভাৱ দেখা দিছে।

চিকিৎসালয়ৰ পূৰ্বৰ মৰ্যদা আৰু পৰিচয়ৰ ঘূৰাই দিয়াৰ দাবীত আজি নগৰীৰ বাসিন্দা সকলে এক বিশাল সমদল উলিয়ায়। সমদলত হাজাৰ হাজাৰ লোকে অংশগ্ৰহণ কৰি চিকিৎসালয়ৰ উন্নয়নৰ বাবে উপযুক্ত পদক্ষেপ গ্ৰহণৰ দাবী জনায়। স্থানীয় বাসিন্দাসকলৰ মতে দীৰ্ঘদিনৰ পৰা চিকিৎসালয়খনত চিকিৎসক আৰু আন কৰ্মচাৰীৰ অভাৱ দেখা দিছে।

চিকিৎসালয়ৰ পূৰ্বৰ মৰ্যদা আৰু পৰিচয়ৰ ঘূৰাই দিয়াৰ দাবীত আজি নগৰীৰ বাসিন্দা সকলে এক বিশাল সমদল উলিয়ায়। সমদলত হাজাৰ হাজাৰ লোকে অংশগ্ৰহণ কৰি চিকিৎসালয়ৰ উন্নয়নৰ বাবে উপযুক্ত পদক্ষেপ গ্ৰহণৰ দাবী জনায়। স্থানীয় বাসিন্দাসকলৰ মতে দীৰ্ঘদিনৰ পৰা চিকিৎসালয়খনত চিকিৎসক আৰু আন কৰ্মচাৰীৰ অভাৱ দেখা দিছে।

ৰাষ্ট্ৰীয় ঘাইপথৰ...

প্ৰিয়ামস্কৰ গাঁও দুমৰা ১ নং ৱাৰ্ড আৰু ৩ নং ৱাৰ্ড এলেকাৰ ৰাষ্ট্ৰীয় ঘাইপথৰ দুৰ্দশাৰ প্ৰতিবাদত স্থানীয় লোকসকলে পথ অৱৰোধ কৰে। তেওঁলোকে অভিযোগ কৰে যে দীৰ্ঘদিনৰ পৰা পথছোৱাৰ মেৰামতিৰ কাম আৰম্ভ কৰা হোৱা নাই।

প্ৰিয়ামস্কৰ গাঁও দুমৰা ১ নং ৱাৰ্ড আৰু ৩ নং ৱাৰ্ড এলেকাৰ ৰাষ্ট্ৰীয় ঘাইপথৰ দুৰ্দশাৰ প্ৰতিবাদত স্থানীয় লোকসকলে পথ অৱৰোধ কৰে। তেওঁলোকে অভিযোগ কৰে যে দীৰ্ঘদিনৰ পৰা পথছোৱাৰ মেৰামতিৰ কাম আৰম্ভ কৰা হোৱা নাই।

প্ৰিয়ামস্কৰ গাঁও দুমৰা ১ নং ৱাৰ্ড আৰু ৩ নং ৱাৰ্ড এলেকাৰ ৰাষ্ট্ৰীয় ঘাইপথৰ দুৰ্দশাৰ প্ৰতিবাদত স্থানীয় লোকসকলে পথ অৱৰোধ কৰে। তেওঁলোকে অভিযোগ কৰে যে দীৰ্ঘদিনৰ পৰা পথছোৱাৰ মেৰামতিৰ কাম আৰম্ভ কৰা হোৱা নাই।

প্ৰিয়ামস্কৰ গাঁও দুমৰা ১ নং ৱাৰ্ড আৰু ৩ নং ৱাৰ্ড এলেকাৰ ৰাষ্ট্ৰীয় ঘাইপথৰ দুৰ্দশাৰ প্ৰতিবাদত স্থানীয় লোকসকলে পথ অৱৰোধ কৰে। তেওঁলোকে অভিযোগ কৰে যে দীৰ্ঘদিনৰ পৰা পথছোৱাৰ মেৰামতিৰ কাম আৰম্ভ কৰা হোৱা নাই।

হোটেলৰ চাৰিজনক...

জানিব পৰামতে তেওঁলোকে কেবুৰাৰী এলেকাৰ এটি হোটেলত অবৈধ কাৰ্যকলাপ চলাই আছিল। আৰক্ষীয়ে গোপন সূত্ৰৰ পৰা খবৰ পাই অভিযান চলাই চাৰিজনকে আটক কৰে আৰু পৰৱৰ্তী তদন্ত আৰম্ভ কৰিছে।

জানিব পৰামতে তেওঁলোকে কেবুৰাৰী এলেকাৰ এটি হোটেলত অবৈধ কাৰ্যকলাপ চলাই আছিল। আৰক্ষীয়ে গোপন সূত্ৰৰ পৰা খবৰ পাই অভিযান চলাই চাৰিজনকে আটক কৰে আৰু পৰৱৰ্তী তদন্ত আৰম্ভ কৰিছে।

জানিব পৰামতে তেওঁলোকে কেবুৰাৰী এলেকাৰ এটি হোটেলত অবৈধ কাৰ্যকলাপ চলাই আছিল। আৰক্ষীয়ে গোপন সূত্ৰৰ পৰা খবৰ পাই অভিযান চলাই চাৰিজনকে আটক কৰে আৰু পৰৱৰ্তী তদন্ত আৰম্ভ কৰিছে।

মৃত মাতৃৰ কাষত...

তুলিছে আৰক্ষীয়ে। কাছিয়াই আটক কৰা পুত্ৰ আৰু এইসম্পৰ্কে আৰক্ষীয়ে মাতৃৰ মৃতদেহ উদ্ধাৰ কৰি পোষ্টমৰ্টেমৰ বাবে প্ৰেৰণ কৰে। স্থানীয় লোকৰ মতে পৰিয়ালটোৱে দীৰ্ঘদিনৰ পৰা মানসিক সমস্যাত ভুগি আছিল। ঘটনাটোৱে সমগ্ৰ এলেকাত চাঞ্চল্যৰ সৃষ্টি কৰিছে আৰু আৰক্ষীয়ে বিষয়টোৰ সবিশেষ তদন্ত চলাইছে।

তুলিছে আৰক্ষীয়ে। কাছিয়াই আটক কৰা পুত্ৰ আৰু এইসম্পৰ্কে আৰক্ষীয়ে মাতৃৰ মৃতদেহ উদ্ধাৰ কৰি পোষ্টমৰ্টেমৰ বাবে প্ৰেৰণ কৰে। স্থানীয় লোকৰ মতে পৰিয়ালটোৱে দীৰ্ঘদিনৰ পৰা মানসিক সমস্যাত ভুগি আছিল। ঘটনাটোৱে সমগ্ৰ এলেকাত চাঞ্চল্যৰ সৃষ্টি কৰিছে আৰু আৰক্ষীয়ে বিষয়টোৰ সবিশেষ তদন্ত চলাইছে।

তুলিছে আৰক্ষীয়ে। কাছিয়াই আটক কৰা পুত্ৰ আৰু এইসম্পৰ্কে আৰক্ষীয়ে মাতৃৰ মৃতদেহ উদ্ধাৰ কৰি পোষ্টমৰ্টেমৰ বাবে প্ৰেৰণ কৰে। স্থানীয় লোকৰ মতে পৰিয়ালটোৱে দীৰ্ঘদিনৰ পৰা মানসিক সমস্যাত ভুগি আছিল। ঘটনাটোৱে সমগ্ৰ এলেকাত চাঞ্চল্যৰ সৃষ্টি কৰিছে আৰু আৰক্ষীয়ে বিষয়টোৰ সবিশেষ তদন্ত চলাইছে।

তুলিছে আৰক্ষীয়ে। কাছিয়াই আটক কৰা পুত্ৰ আৰু এইসম্পৰ্কে আৰক্ষীয়ে মাতৃৰ মৃতদেহ উদ্ধাৰ কৰি পোষ্টমৰ্টেমৰ বাবে প্ৰেৰণ কৰে। স্থানীয় লোকৰ মতে পৰিয়ালটোৱে দীৰ্ঘদিনৰ পৰা মানসিক সমস্যাত ভুগি আছিল। ঘটনাটোৱে সমগ্ৰ এলেকাত চাঞ্চল্যৰ সৃষ্টি কৰিছে আৰু আৰক্ষীয়ে বিষয়টোৰ সবিশেষ তদন্ত চলাইছে।

তুলিছে আৰক্ষীয়ে। কাছিয়াই আটক কৰা পুত্ৰ আৰু এইসম্পৰ্কে আৰক্ষীয়ে মাতৃৰ মৃতদেহ উদ্ধাৰ কৰি পোষ্টমৰ্টেমৰ বাবে প্ৰেৰণ কৰে। স্থানীয় লোকৰ মতে পৰিয়ালটোৱে দীৰ্ঘদিনৰ পৰা মানসিক সমস্যাত ভুগি আছিল। ঘটনাটোৱে সমগ্ৰ এলেকাত চাঞ্চল্যৰ সৃষ্টি কৰিছে আৰু আৰক্ষীয়ে বিষয়টোৰ সবিশেষ তদন্ত চলাইছে।

তুলিছে আৰক্ষীয়ে। কাছিয়াই আটক কৰা পুত্ৰ আৰু এইসম্পৰ্কে আৰক্ষীয়ে মাতৃৰ মৃতদেহ উদ্ধাৰ কৰি পোষ্টমৰ্টেমৰ বাবে প্ৰেৰণ কৰে। স্থানীয় লোকৰ মতে পৰিয়ালটোৱে দীৰ্ঘদিনৰ পৰা মানসিক সমস্যাত ভুগি আছিল। ঘটনাটোৱে সমগ্ৰ এলেকাত চাঞ্চল্যৰ সৃষ্টি কৰিছে আৰু আৰক্ষীয়ে বিষয়টোৰ সবিশেষ তদন্ত চলাইছে।

চামগুৰিত কংগ্ৰেছে...

চিফ চামগুৰিৰ কংগ্ৰেছ প্ৰত্যাশীয়ে সমৰ্থক সকলৰ সৈতে ১০০ শতাংশ নিশ্চিত ভোটৰ কথা উল্লেখ কৰি বিজয়ৰ দাবী কৰে। তেওঁ জনায় যে দলটোৱে সকলো স্তৰত জনসাধাৰণৰ সমৰ্থন লাভ কৰিছে আৰু উপনিৰ্বাচনত দলৰ প্ৰাৰ্থীয়ে নিশ্চিতভাৱে জয়লাভ কৰিব।

চিফ চামগুৰিৰ কংগ্ৰেছ প্ৰত্যাশীয়ে সমৰ্থক সকলৰ সৈতে ১০০ শতাংশ নিশ্চিত ভোটৰ কথা উল্লেখ কৰি বিজয়ৰ দাবী কৰে। তেওঁ জনায় যে দলটোৱে সকলো স্তৰত জনসাধাৰণৰ সমৰ্থন লাভ কৰিছে আৰু উপনিৰ্বাচনত দলৰ প্ৰাৰ্থীয়ে নিশ্চিতভাৱে জয়লাভ কৰিব।

চিফ চামগুৰিৰ কংগ্ৰেছ প্ৰত্যাশীয়ে সমৰ্থক সকলৰ সৈতে ১০০ শতাংশ নিশ্চিত ভোটৰ কথা উল্লেখ কৰি বিজয়ৰ দাবী কৰে। তেওঁ জনায় যে দলটোৱে সকলো স্তৰত জনসাধাৰণৰ সমৰ্থন লাভ কৰিছে আৰু উপনিৰ্বাচনত দলৰ প্ৰাৰ্থীয়ে নিশ্চিতভাৱে জয়লাভ কৰিব।

চিফ চামগুৰিৰ কংগ্ৰেছ প্ৰত্যাশীয়ে সমৰ্থক সকলৰ সৈতে ১০০ শতাংশ নিশ্চিত ভোটৰ কথা উল্লেখ কৰি বিজয়ৰ দাবী কৰে। তেওঁ জনায় যে দলটোৱে সকলো স্তৰত জনসাধাৰণৰ সমৰ্থন লাভ কৰিছে আৰু উপনিৰ্বাচনত দলৰ প্ৰাৰ্থীয়ে নিশ্চিতভাৱে জয়লাভ কৰিব।

চিফ চামগুৰিৰ কংগ্ৰেছ প্ৰত্যাশীয়ে সমৰ্থক সকলৰ সৈতে ১০০ শতাংশ নিশ্চিত ভোটৰ কথা উল্লেখ কৰি বিজয়ৰ দাবী কৰে। তেওঁ জনায় যে দলটোৱে সকলো স্তৰত জনসাধাৰণৰ সমৰ্থন লাভ কৰিছে আৰু উপনিৰ্বাচনত দলৰ প্ৰাৰ্থীয়ে নিশ্চিতভাৱে জয়লাভ কৰিব।

চিফ চামগুৰিৰ কংগ্ৰেছ প্ৰত্যাশীয়ে সমৰ্থক সকলৰ সৈতে ১০০ শতাংশ নিশ্চিত ভোটৰ কথা উল্লেখ কৰি বিজয়ৰ দাবী কৰে। তেওঁ জনায় যে দলটোৱে সকলো স্তৰত জনসাধাৰণৰ সমৰ্থন লাভ কৰিছে আৰু উপনিৰ্বাচনত দলৰ প্ৰাৰ্থীয়ে নিশ্চিতভাৱে জয়লাভ কৰিব।

উন্নয়নৰ স্বাৰ্থত...

মন্ত্ৰী বিমল বৰাই আজি সমাজৰ সকলো শ্ৰেণীৰ লোকক উন্নয়নৰ স্বাৰ্থত ঐক্যবদ্ধ হ'বলৈ আহ্বান জনায়। তেওঁ কয় যে চৰকাৰে গাঁও অঞ্চলৰ উন্নয়নৰ বাবে বিভিন্ন আঁচনি ৰূপায়ণ কৰি আছে আৰু সেই আঁচনিসমূহৰ সুফল সাধাৰণ লোকৰ মাজলৈ নিয়াটো সকলোৰে দায়িত্ব।

মন্ত্ৰী বিমল বৰাই আজি সমাজৰ সকলো শ্ৰেণীৰ লোকক উন্নয়নৰ স্বাৰ্থত ঐক্যবদ্ধ হ'বলৈ আহ্বান জনায়। তেওঁ কয় যে চৰকাৰে গাঁও অঞ্চলৰ উন্নয়নৰ বাবে বিভিন্ন আঁচনি ৰূপায়ণ কৰি আছে আৰু সেই আঁচনিসমূহৰ সুফল সাধাৰণ লোকৰ মাজলৈ নিয়াটো সকলোৰে দায়িত্ব।

মন্ত্ৰী বিমল বৰাই আজি সমাজৰ সকলো শ্ৰেণীৰ লোকক উন্নয়নৰ স্বাৰ্থত ঐক্যবদ্ধ হ'বলৈ আহ্বান জনায়। তেওঁ কয় যে চৰকাৰে গাঁও অঞ্চলৰ উন্নয়নৰ বাবে বিভিন্ন আঁচনি ৰূপায়ণ কৰি আছে আৰু সেই আঁচনিসমূহৰ সুফল সাধাৰণ লোকৰ মাজলৈ নিয়াটো সকলোৰে দায়িত্ব।

মন্ত্ৰী বিমল বৰাই আজি সমাজৰ সকলো শ্ৰেণীৰ লোকক উন্নয়নৰ স্বাৰ্থত ঐক্যবদ্ধ হ'বলৈ আহ্বান জনায়। তেওঁ কয় যে চৰকাৰে গাঁও অঞ্চলৰ উন্নয়নৰ বাবে বিভিন্ন আঁচনি ৰূপায়ণ কৰি আছে আৰু সেই আঁচনিসমূহৰ সুফল সাধাৰণ লোকৰ মাজলৈ নিয়াটো সকলোৰে দায়িত্ব।

মন্ত্ৰী বিমল বৰাই আজি সমাজৰ সকলো শ্ৰেণীৰ লোকক উন্নয়নৰ স্বাৰ্থত ঐক্যবদ্ধ হ'বলৈ আহ্বান জনায়। তেওঁ কয় যে চৰকাৰে গাঁও অঞ্চলৰ উন্নয়নৰ বাবে বিভিন্ন আঁচনি ৰূপায়ণ কৰি আছে আৰু সেই আঁচনিসমূহৰ সুফল সাধাৰণ লোকৰ মাজলৈ নিয়াটো সকলোৰে দায়িত্ব।

মন্ত্ৰী বিমল বৰাই আজি সমাজৰ সকলো শ্ৰেণীৰ লোকক উন্নয়নৰ স্বাৰ্থত ঐক্যবদ্ধ হ'বলৈ আহ্বান জনায়। তেওঁ কয় যে চৰকাৰে গাঁও অঞ্চলৰ উন্নয়নৰ বাবে বিভিন্ন আঁচনি ৰূপায়ণ কৰি আছে আৰু সেই আঁচনিসমূহৰ সুফল সাধাৰণ লোকৰ মাজলৈ নিয়াটো সকলোৰে দায়িত্ব।

মন্ত্ৰী বিমল বৰাই আজি সমাজৰ সকলো শ্ৰেণীৰ লোকক উন্নয়নৰ স্বাৰ্থত ঐক্যবদ্ধ হ'বলৈ আহ্বান জনায়। তেওঁ কয় যে চৰকাৰে গাঁও অঞ্চলৰ উন্নয়নৰ বাবে বিভিন্ন আঁচনি ৰূপায়ণ কৰি আছে আৰু সেই আঁচনিসমূহৰ সুফল সাধাৰণ লোকৰ মাজলৈ নিয়াটো সকলোৰে দায়িত্ব।

১৩৫টা নদীবান্ধ...

নিৰ্মাণ হৈ থকা নামনি চোৱাৰ ক্ষেত্ৰত ১৩৫টা নদীবান্ধৰ পৰিকল্পনা কৰা হৈছে। বিশেষজ্ঞ সকলৰ মতে এই প্ৰকল্পসমূহে অঞ্চলটোৰ পৰিৱেশ আৰু জনজীৱনত গভীৰ প্ৰভাৱ পেলাব পাৰে।

নিৰ্মাণ হৈ থকা নামনি চোৱাৰ ক্ষেত্ৰত ১৩৫টা নদীবান্ধৰ পৰিকল্পনা কৰা হৈছে। বিশেষজ্ঞ সকলৰ মতে এই প্ৰকল্পসমূহে অঞ্চলটোৰ পৰিৱেশ আৰু জনজীৱনত গভীৰ প্ৰভাৱ পেলাব পাৰে।

নিৰ্মাণ হৈ থকা নামনি চোৱাৰ ক্ষেত্ৰত ১৩৫টা নদীবান্ধৰ পৰিকল্পনা কৰা হৈছে। বিশেষজ্ঞ সকলৰ মতে এই প্ৰকল্পসমূহে অঞ্চলটোৰ পৰিৱেশ আৰু জনজীৱনত গভীৰ প্ৰভাৱ পেলাব পাৰে।

নিৰ্মাণ হৈ থকা নামনি চোৱাৰ ক্ষেত্ৰত ১৩৫টা নদীবান্ধৰ পৰিকল্পনা কৰা হৈছে। বিশেষজ্ঞ সকলৰ মতে এই প্ৰকল্পসমূহে অঞ্চলটোৰ পৰিৱেশ আৰু জনজীৱনত গভীৰ প্ৰভাৱ পেলাব পাৰে।

নিৰ্মাণ হৈ থকা নামনি চোৱাৰ ক্ষেত্ৰত ১৩৫টা নদীবান্ধৰ পৰিকল্পনা কৰা হৈছে। বিশেষজ্ঞ সকলৰ মতে এই প্ৰকল্পসমূহে অঞ্চলটোৰ পৰিৱেশ আৰু জনজীৱনত গভীৰ প্ৰভাৱ পেলাব পাৰে।

প্ৰশান্তজ্যোতি গোস্বামীক...

উন্নয়ন প্ৰাধিকৰণৰ অধ্যক্ষৰূপে প্ৰশান্তজ্যোতি গোস্বামীক নিযুক্তি দিয়া হৈছে। তেওঁৰ নিযুক্তিক স্থানীয় লোকসকলে আদৰণি জনাইছে।

উন্নয়ন প্ৰাধিকৰণৰ অধ্যক্ষৰূপে প্ৰশান্তজ্যোতি গোস্বামীক নিযুক্তি দিয়া হৈছে। তেওঁৰ নিযুক্তিক স্থানীয় লোকসকলে আদৰণি জনাইছে।
